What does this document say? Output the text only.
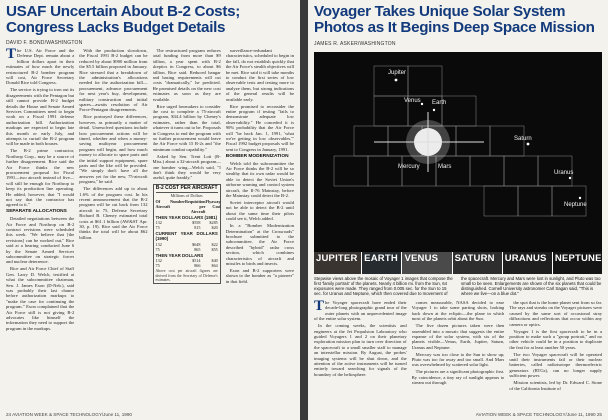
USAF Uncertain About B-2 Costs;
Congress Lacks Budget Details
DAVID F. BOND/WASHINGTON

The U.S. Air Force and the Defense Dept. remain about a billion dollars apart in their estimates of how much the newly restructured B-2 bomber program will cost, Air Force Secretary Donald Rice told Congress.

The service is trying to iron out its disagreements with the Pentagon but still cannot provide B-2 budget details the House and Senate Armed Services Committees need to begin work on a Fiscal 1991 defense authorization bill. Authorization markups are expected to begin late this month or early July, and attempts to curtail the B-2 program will be made in both houses.

The B-2 prime contractor, Northrop Corp., may be a source of further disagreement. Rice said the Air Force thinks the new procurement proposal for Fiscal 1991—two aircraft instead of five—will still be enough for Northrop to keep its production line operating. He added, however, that "I would not say that the contractor has agreed to it."

SEPARATE ALLOCATIONS

Detailed negotiations between the Air Force and Northrop on B-2 contract revisions were scheduled this week. "We believe that [the revisions] can be worked out," Rice said at a hearing conducted June 6 by the Senate Armed Services subcommittee on strategic forces and nuclear deterrence.

Rice and Air Force Chief of Staff Gen. Larry D. Welch, testified at what the subcommittee chairman, Sen. J. James Exon (D-Neb.), said was probably their last chance before authorization markups to "make the case for continuing the program." Exon complained that the Air Force still is not giving B-2 advocates like himself the information they need to support the program in the markups.

With the production slowdown, the Fiscal 1991 B-2 budget can be reduced by about $900 million from the $5.5 billion proposed in January. Rice stressed that a breakdown of the administration's allocations needed for the authorization bill—procurement, advance procurement for next year's buy, development, military construction and initial spares—awaits resolution of Air Force-Pentagon disagreements.

Rice portrayed these differences, however, as primarily a matter of detail. Unresolved questions include how procurement actions will be timed, whether and when a money-saving multiyear procurement program will begin, and how much money to allocate to spare parts and the initial support equipment, spare parts and the like will be provided. "We simply don't have all the answers yet for the new, 75-aircraft program," he said.

The differences add up to about 1.6% of the program cost. In his recent announcement that the B-2 program will be cut back from 132 aircraft to 75, Defense Secretary Richard B. Cheney estimated total costs at $61.1 billion (AW&ST Apr. 30, p. 19). Rice said the Air Force thinks the total will be about $62 billion.

The restructured program reduces total funding from more than $9 billion, a year spent with B-2 skeptics in Congress, to about $6 billion, Rice said. Reduced hangar and basing requirements will cut costs "dramatically," he predicted. He promised details on the new cost estimates as soon as they are available.

Rice urged lawmakers to consider the cost to complete a 75-aircraft program, $34.4 billion by Cheney's estimates, rather than the total, whatever it turns out to be. Proposals in Congress to end the program with no further procurement would leave the Air Force with 15 B-2s and "the minimum combat capability."

Asked by Sen. Trent Lott (R-Miss.) about a 32-aircraft program—one bomber wing—Welch said, "I don't think they would be very useful, quite frankly."

B-2 COST PER AIRCRAFT
Millions of Dollars
Of Aircraft
Number Requisition per Aircraft
Flyaway Cost
THEN YEAR DOLLARS (1981)
132	$558	$285
75	815	$20
CURRENT YEAR DOLLARS (1990)
132	$648	$22
75	865	$55
THEN YEAR DOLLARS
132	$514	$40
75	866	$64
Above cost per aircraft figures are derived from the Secretary of Defense's estimates.

surveillance-redundant characteristics, scheduled to begin in the fall, do not establish quickly that the Air Force's stealth objectives will be met. Rice said it will take months to conduct the first series of low observable tests and testing more to analyze them, but strong indications of the general results will be available early.

Rice promised to reconsider the entire program if testing "fails to demonstrate adequate low observability." He conceded it is 90% probability that the Air Force will "be back Jan. 1, 1991, 'what we're getting in low observables.'" Fiscal 1992 budget proposals will be sent to Congress in January, 1991.

BOMBER MODERNIZATION

Welch told the subcommittee the Air Force thinks the B-2 will be so stealthy that its own radar would be able to detect the Soviet Union's airborne warning and control system aircraft, the Il-76 Mainstay, before the Mainstay could detect the B-2.

Soviet interceptor aircraft would not be able to detect the B-2 until about the same time their pilots could see it, Welch added.

In a "Bomber Modernization Determination" at the Crossroads" brochure submitted to the subcommittee, the Air Force described "hybrid" radar cross section, which combines characteristics of aircraft and missiles to birds and insects.

Exon and B-2 supporters were shown to the bomber as "a pioneer" in that field.

24 AVIATION WEEK & SPACE TECHNOLOGY/June 11, 1990
Voyager Takes Unique Solar System
Photos as It Begins Deep Space Mission
JAMES R. ASKER/WASHINGTON
Jupiter
Earth
Venus
Mercury	Mars
Saturn
Uranus
Neptune
JUPITER EARTH VENUS SATURN URANUS NEPTUNE
Stepwise views above the mosaic of Voyager 1 images that compose the first 'family portrait' of the planets. Nearly 4 billion mi. from the Sun, 64 exposures were made. They ranged from 0.005 sec. for the Sun to 15 sec. for Uranus and Neptune, which then covered due to movement of
the spacecraft. Mercury and Mars were lost in sunlight, and Pluto was too small to be seen. Enlargements are shown of the six planets that could be distinguished. Cornell University astronomer Carl Sagan said, "This is where we live—on a blue dot."

The Voyager spacecraft have ended their decade-long photographic grand tour of the outer planets with an unprecedented image of the entire solar system.

In the coming weeks, the scientists and engineers at the Jet Propulsion Laboratory who guided Voyagers 1 and 2 on their planetary exploration mission plan to turn over direction of the spacecraft to a small smaller staff to manage an interstellar mission. By August, the probes' imaging systems will be shut down, and the attention of the active instruments will be turned entirely toward searching for signals of the boundary of the heliosphere.

comes measurable, NASA decided to ease Voyager 1 to take some parting shots, looking back down at the ecliptic—the plane in which most of the planets orbit about the Sun.

The five dozen pictures taken were then assembled into a mosaic that suggests the entire expanse of the solar system, with six of the planets visible—Venus, Earth, Jupiter, Saturn, Uranus and Neptune.

Mercury was too close to the Sun to show up; Pluto was too far away and too small. And Mars was overwhelmed by scattered solar light.

The pictures are a significant photographic first. By coincidence, a tiny ray of sunlight appears to stream out through

the spot that is the home planet sent from so far. The rays and streaks on the Voyager pictures were caused by the same sort of occasional stray diffractions and reflections that occur within any camera or optics.

Voyager 1 is the first spacecraft to be in a position to make such a "group portrait," and no other vehicle could be in a position to duplicate the feat for at least another 50 years.

The two Voyager spacecraft will be operated until their instruments fail or their nuclear batteries, called radioisotope thermoelectric generators (RTGs), can no longer supply sufficient power.

Mission scientists, led by Dr. Edward C. Stone of the California Institute of

AVIATION WEEK & SPACE TECHNOLOGY/June 11, 1990 25
